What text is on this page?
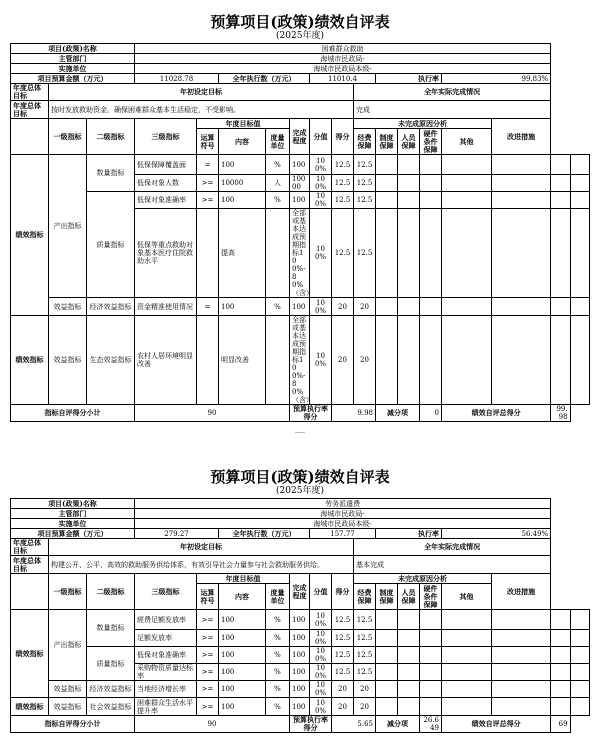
预算项目(政策)绩效自评表
(2025年度)
项目(政策)名称			困难群众救助														
主管部门			海城市民政局-														
实施单位			海城市民政局本级-														
项目预算金额（万元）			11028.78		全年执行数（万元）			11010.4			执行率			99.83%			
年度总体目标	年初设定目标									全年实际完成情况							
年度总体目标	按时发放救助资金，确保困难群众基本生活稳定，不受影响。									完成							
	一级指标	二级指标	三级指标	年度目标值			完成程度	分值	得分	未完成原因分析					改进措施		
				运算符号	内容	度量单位				经费保障	制度保障	人员保障	硬件条件保障	其他			
绩效指标	产出指标	数量指标	低保保障覆盖面	=	100	%	100	100%	12.5	12.5							
			低保对象人数	>=	10000	人	10000	100%	12.5	12.5							
		质量指标	低保对象准确率	>=	100	%	100	100%	12.5	12.5							
			低保等重点救助对象基本医疗住院救助水平		提高		全部或基本达成预期指标100%-80%（含）	100%	12.5	12.5							
	效益指标	经济效益指标	资金精准使用情况	=	100	%	100	100%	20	20							
绩效指标	效益指标	生态效益指标	农村人居环境明显改善		明显改善		全部或基本达成预期指标100%-80%（含）	100%	20	20							
指标自评得分小计			90				预算执行率得分		9.98		减分项		0	绩效自评总得分		99.98	
预算项目(政策)绩效自评表
(2025年度)
项目(政策)名称			劳务派遣费														
主管部门			海城市民政局-														
实施单位			海城市民政局本级-														
项目预算金额（万元）			279.27		全年执行数（万元）			157.77			执行率			56.49%			
年度总体目标	年初设定目标									全年实际完成情况							
年度总体目标	构建公开、公平、高效的救助服务供给体系，有效引导社会力量参与社会救助服务供给。									基本完成							
	一级指标	二级指标	三级指标	年度目标值			完成程度	分值	得分	未完成原因分析					改进措施		
				运算符号	内容	度量单位				经费保障	制度保障	人员保障	硬件条件保障	其他			
绩效指标	产出指标	数量指标	經费足额发放率	>=	100	%	100	100%	12.5	12.5							
			足额发放率	>=	100	%	100	100%	12.5	12.5							
		质量指标	低保对象准确率	>=	100	%	100	100%	12.5	12.5							
			采购物资质量达标率	>=	100	%	100	100%	12.5	12.5							
	效益指标	经济效益指标	当地经济增长率	>=	100	%	100	100%	20	20							
绩效指标	效益指标	社会效益指标	困难群众生活水平提升率	>=	100	%	100	100%	20	20							
指标自评得分小计			90				预算执行率得分		5.65		减分项		26.649	绩效自评总得分		69	
